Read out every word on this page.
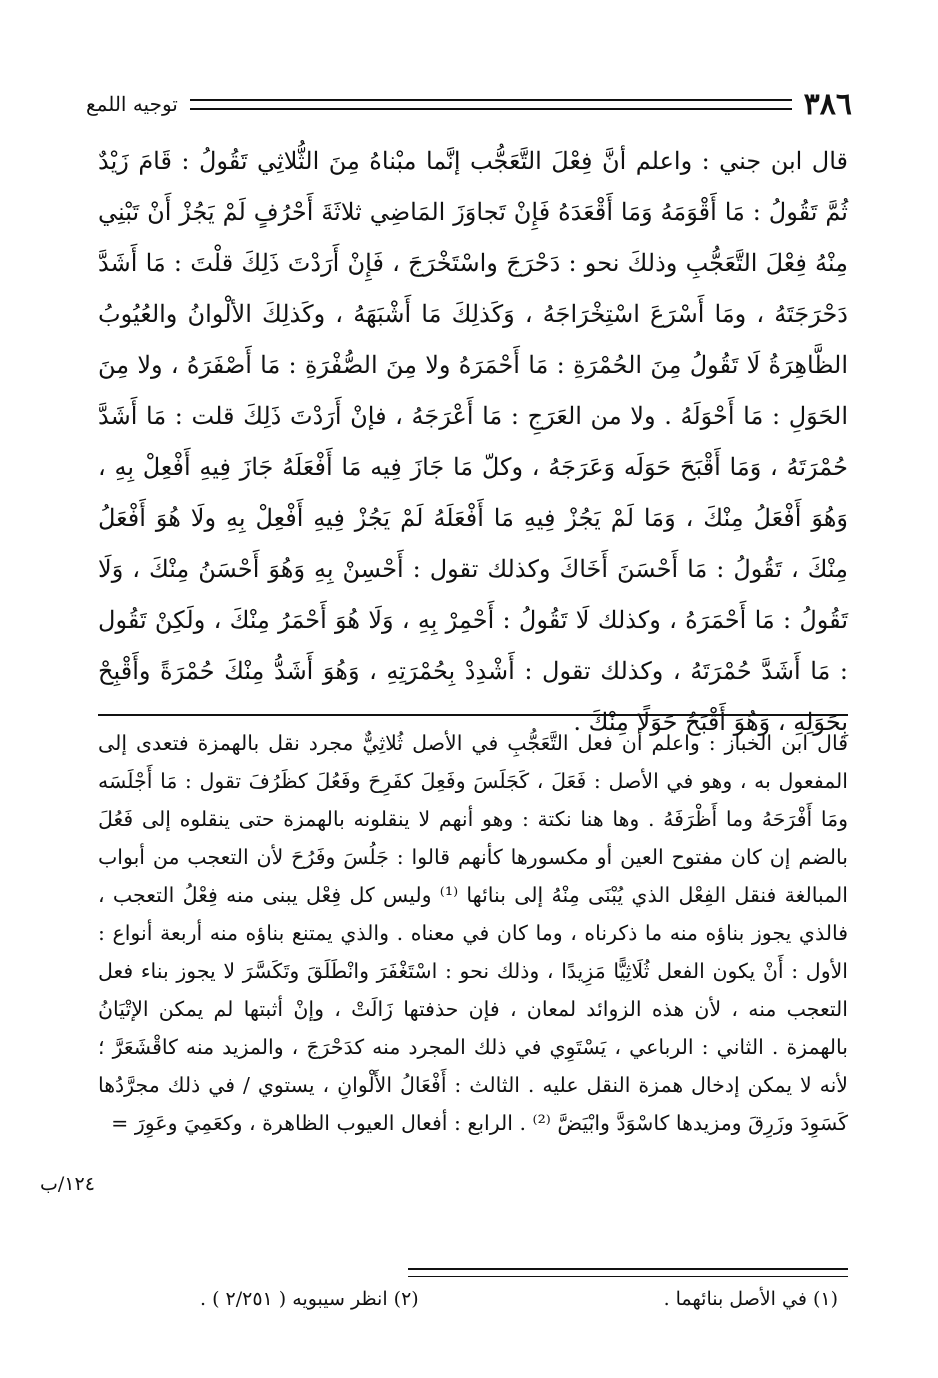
٣٨٦
توجيه اللمع

قال ابن جني : واعلم أنَّ فِعْلَ التَّعَجُّب إنَّما مبْناهُ مِنَ الثُّلاثِي تَقُولُ : قَامَ زَيْدٌ ثُمَّ تَقُولُ : مَا أَقْوَمَهُ وَمَا أَقْعَدَهُ فَإِنْ تَجاوَزَ المَاضِي ثلاثَةَ أَحْرُفٍ لَمْ يَجُزْ أَنْ تَبْنِي مِنْهُ فِعْلَ التَّعَجُّبِ وذلكَ نحو : دَحْرَجَ واسْتَخْرَجَ ، فَإِنْ أَرَدْتَ ذَلِكَ قلْتَ : مَا أَشَدَّ دَحْرَجَتَهُ ، ومَا أَسْرَعَ اسْتِخْرَاجَهُ ، وَكَذلِكَ مَا أَشْبَهَهُ ، وكَذلِكَ الألْوانُ والعُيُوبُ الظَّاهِرَةُ لَا تَقُولُ مِنَ الحُمْرَةِ : مَا أَحْمَرَهُ ولا مِنَ الصُّفْرَةِ : مَا أَصْفَرَهُ ، ولا مِنَ الحَوَلِ : مَا أَحْوَلَهُ . ولا من العَرَجِ : مَا أَعْرَجَهُ ، فإنْ أَرَدْتَ ذَلِكَ قلت : مَا أَشَدَّ حُمْرَتَهُ ، وَمَا أَقْبَحَ حَوَلَه وَعَرَجَهُ ، وكلّ مَا جَازَ فِيه مَا أَفْعَلَهُ جَازَ فِيهِ أَفْعِلْ بِهِ ، وَهُوَ أَفْعَلُ مِنْكَ ، وَمَا لَمْ يَجُزْ فِيهِ مَا أَفْعَلَهُ لَمْ يَجُزْ فِيهِ أَفْعِلْ بِهِ ولَا هُوَ أَفْعَلُ مِنْكَ ، تَقُولُ : مَا أَحْسَنَ أَخَاكَ وكذلك تقول : أَحْسِنْ بِهِ وَهُوَ أَحْسَنُ مِنْكَ ، وَلَا تَقُولُ : مَا أَحْمَرَهُ ، وكذلك لَا تَقُولُ : أَحْمِرْ بِهِ ، وَلَا هُوَ أَحْمَرُ مِنْكَ ، ولَكِنْ تَقُول : مَا أَشَدَّ حُمْرَتَهُ ، وكذلك تقول : أَشْدِدْ بِحُمْرَتِهِ ، وَهُوَ أَشَدُّ مِنْكَ حُمْرَةً وأَقْبِحْ بِحَوَلِهِ ، وَهُوَ أَقْبَحُ حَوَلًا مِنْكَ .

قال ابن الخباز : واعلم أن فعل التَّعَجُّبِ في الأصل ثُلاثِيٌّ مجرد نقل بالهمزة فتعدى إلى المفعول به ، وهو في الأصل : فَعَلَ ، كَجَلَسَ وفَعِلَ كفَرِحَ وفَعُلَ كظَرُفَ تقول : مَا أَجْلَسَه ومَا أَفْرَحَهُ وما أَظْرَفَهُ . وها هنا نكتة : وهو أنهم لا ينقلونه بالهمزة حتى ينقلوه إلى فَعُلَ بالضم إن كان مفتوح العين أو مكسورها كأنهم قالوا : جَلُسَ وفَرُحَ لأن التعجب من أبواب المبالغة فنقل الفِعْل الذي يُبْنَى مِنْهُ إلى بنائها ⁽¹⁾ وليس كل فِعْل يبنى منه فِعْلُ التعجب ، فالذي يجوز بناؤه منه ما ذكرناه ، وما كان في معناه . والذي يمتنع بناؤه منه أربعة أنواع : الأول : أَنْ يكون الفعل ثُلَاثِيًّا مَزِيدًا ، وذلك نحو : اسْتَغْفَرَ وانْطَلَقَ وتَكَسَّرَ لا يجوز بناء فعل التعجب منه ، لأن هذه الزوائد لمعان ، فإن حذفتها زَالَتْ ، وإنْ أثبتها لم يمكن الإتْيَانُ بالهمزة . الثاني : الرباعي ، يَسْتَوِي في ذلك المجرد منه كدَحْرَجَ ، والمزيد منه كاقْشَعَرَّ ؛ لأنه لا يمكن إدخال همزة النقل عليه . الثالث : أَفْعَالُ الأَلْوانِ ، يستوي / في ذلك مجرَّدُها كَسَوِدَ وزَرِقَ ومزيدها كاسْوَدَّ وابْيَضَّ ⁽²⁾ . الرابع : أفعال العيوب الظاهرة ، وكعَمِيَ وعَوِرَ =

١٢٤/ب
(١) في الأصل بنائهما .
(٢) انظر سيبويه ( ٢/٢٥١ ) .
